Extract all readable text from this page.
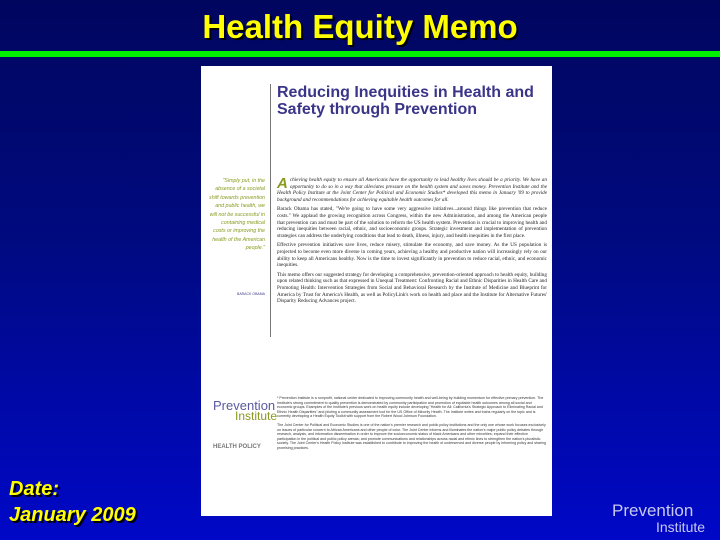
Health Equity Memo
Reducing Inequities in Health and Safety through Prevention
"Simply put, in the absence of a societal shift towards prevention and public health, we will not be successful in containing medical costs or improving the health of the American people."
BARACK OBAMA

Achieving health equity to ensure all Americans have the opportunity to lead healthy lives should be a priority. We have an opportunity to do so in a way that alleviates pressure on the health system and saves money. Prevention Institute and the Health Policy Institute at the Joint Center for Political and Economic Studies* developed this memo in January '09 to provide background and recommendations for achieving equitable health outcomes for all.

Barack Obama has stated, "We're going to have some very aggressive initiatives...around things like prevention that reduce costs." We applaud the growing recognition across Congress, within the new Administration, and among the American people that prevention can and must be part of the solution to reform the US health system. Prevention is crucial to improving health and reducing inequities between racial, ethnic, and socioeconomic groups. Strategic investment and implementation of prevention strategies can address the underlying conditions that lead to death, illness, injury, and health inequities in the first place.

Effective prevention initiatives save lives, reduce misery, stimulate the economy, and save money. As the US population is projected to become even more diverse in coming years, achieving a healthy and productive nation will increasingly rely on our ability to keep all Americans healthy. Now is the time to invest significantly in prevention to reduce racial, ethnic, and economic inequities.

This memo offers our suggested strategy for developing a comprehensive, prevention-oriented approach to health equity, building upon related thinking such as that expressed in Unequal Treatment: Confronting Racial and Ethnic Disparities in Health Care and Promoting Health: Intervention Strategies from Social and Behavioral Research by the Institute of Medicine and Blueprint for America by Trust for America's Health, as well as PolicyLink's work on health and place and the Institute for Alternative Futures' Disparity Reducing Advances project.

Prevention
Institute
HEALTH POLICY

* Prevention Institute is a nonprofit, national center dedicated to improving community health and well-being by building momentum for effective primary prevention. The Institute's strong commitment to quality prevention is demonstrated by community participation and promotion of equitable health outcomes among all social and economic groups. Examples of the Institute's previous work on health equity include developing "Health for All: California's Strategic Approach to Eliminating Racial and Ethnic Health Disparities" and piloting a community assessment tool for the US Office of Minority Health. The Institute writes and trains regularly on the topic and is currently developing a Health Equity Toolkit with support from the Robert Wood Johnson Foundation.

The Joint Center for Political and Economic Studies is one of the nation's premier research and public policy institutions and the only one whose work focuses exclusively on issues of particular concern to African Americans and other people of color. The Joint Center informs and illuminates the nation's major public policy debates through research, analysis, and information dissemination in order to improve the socioeconomic status of black Americans and other minorities; expand their effective participation in the political and public policy arenas; and promote communications and relationships across racial and ethnic lines to strengthen the nation's pluralistic society. The Joint Center's Health Policy Institute was established to contribute to improving the health of underserved and diverse people by informing policy and sharing promising practices.

Date:
January 2009	Prevention
Institute
